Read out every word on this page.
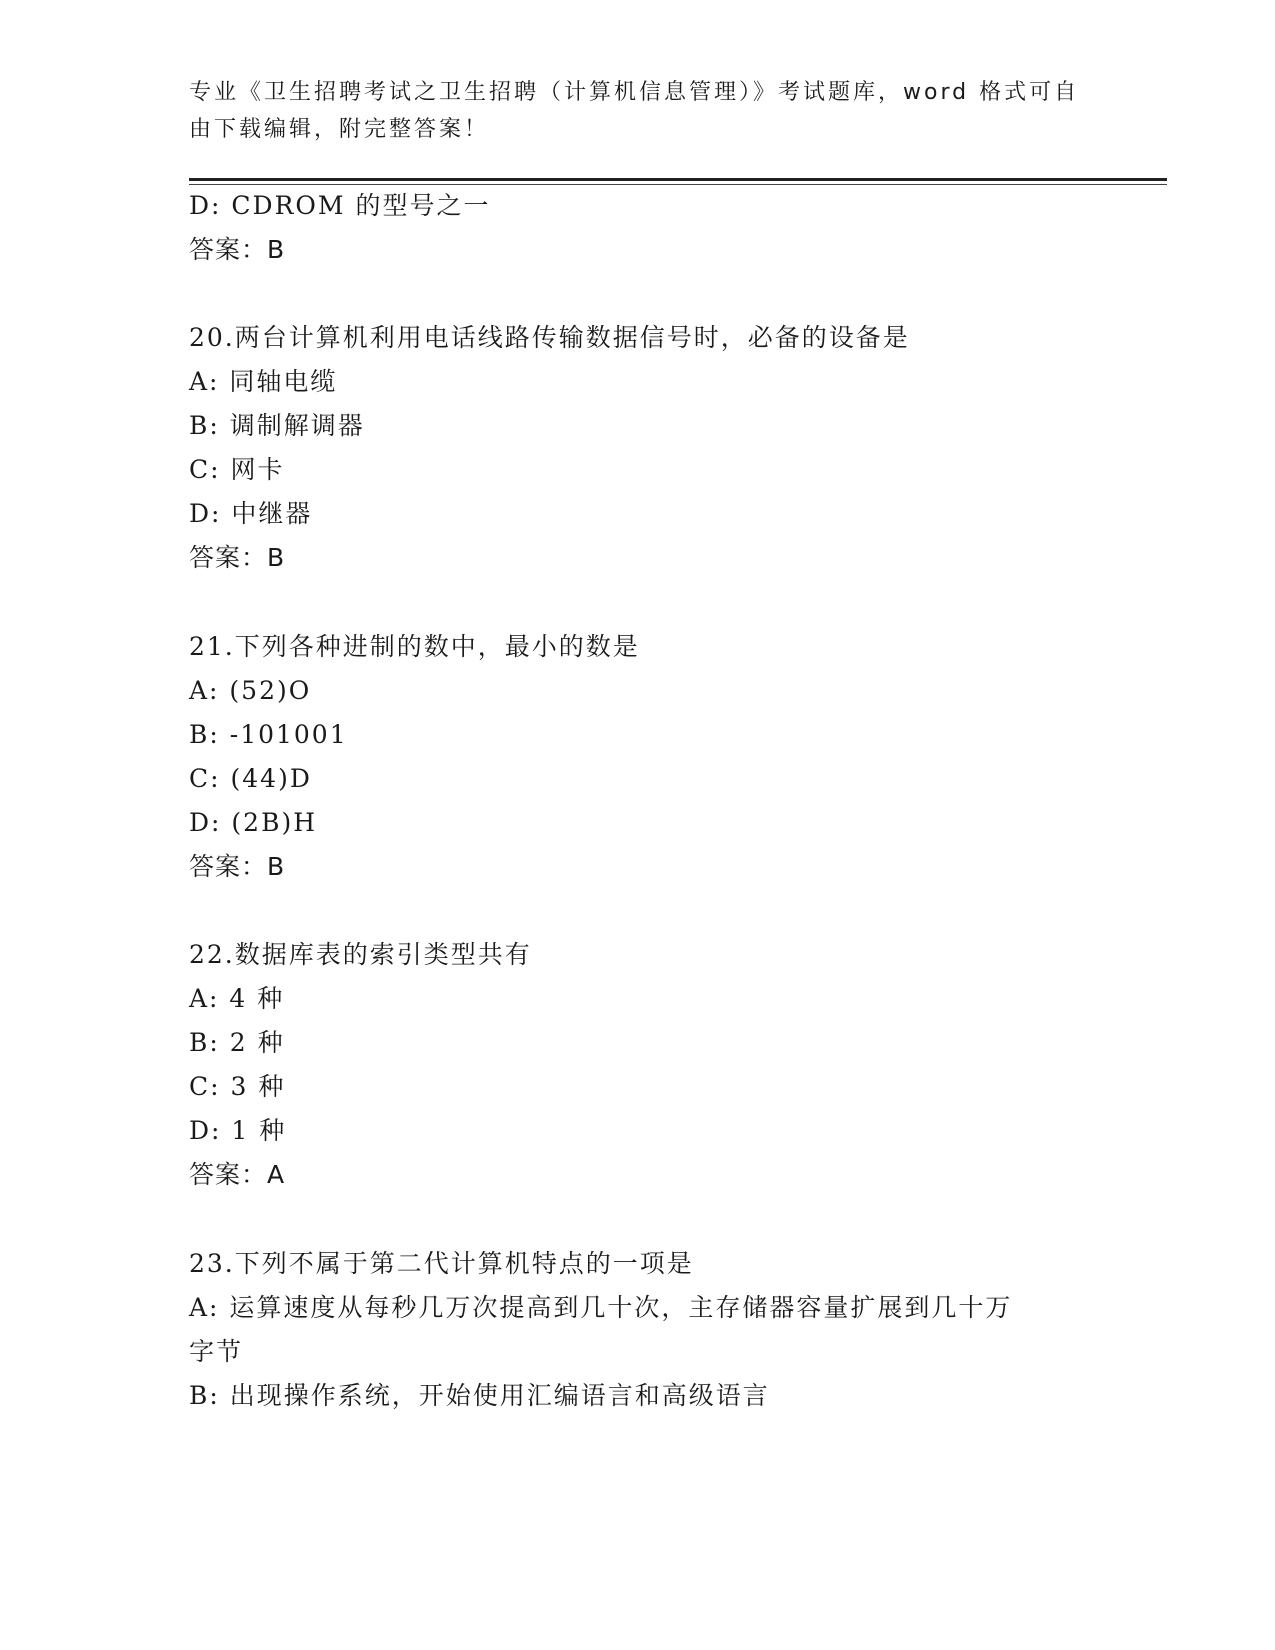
专业《卫生招聘考试之卫生招聘（计算机信息管理）》考试题库，word 格式可自
由下载编辑，附完整答案！
D: CDROM 的型号之一
答案：B
20.两台计算机利用电话线路传输数据信号时，必备的设备是
A: 同轴电缆
B: 调制解调器
C: 网卡
D: 中继器
答案：B
21.下列各种进制的数中，最小的数是
A: (52)O
B: -101001
C: (44)D
D: (2B)H
答案：B
22.数据库表的索引类型共有
A: 4 种
B: 2 种
C: 3 种
D: 1 种
答案：A
23.下列不属于第二代计算机特点的一项是
A: 运算速度从每秒几万次提高到几十次，主存储器容量扩展到几十万
字节
B: 出现操作系统，开始使用汇编语言和高级语言
